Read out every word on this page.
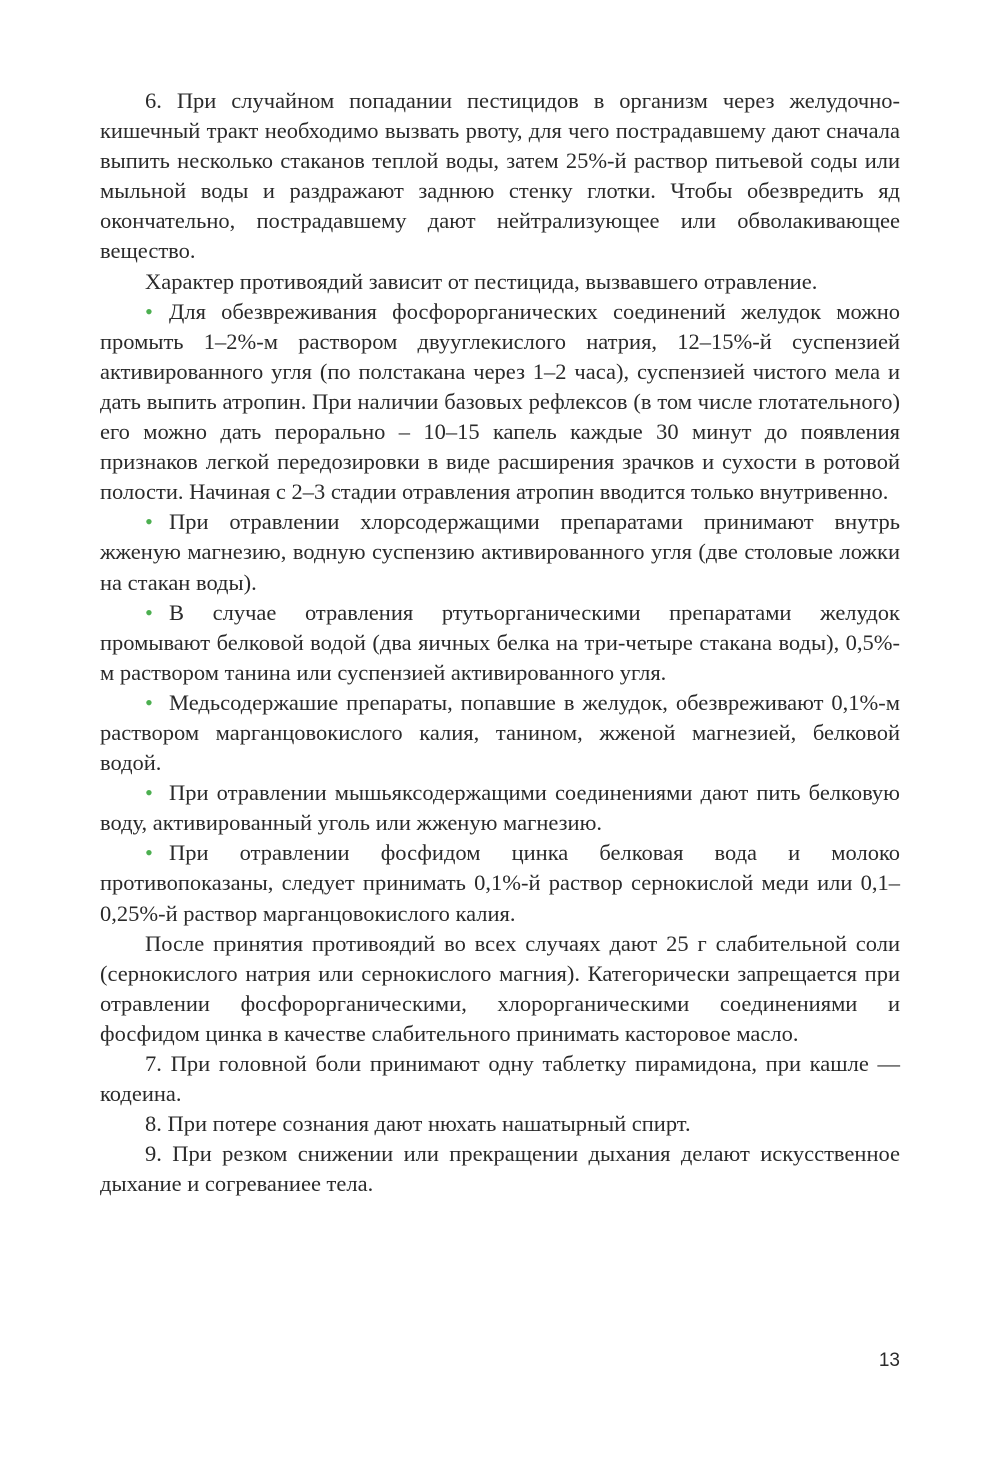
6. При случайном попадании пестицидов в организм через желудочно-кишечный тракт необходимо вызвать рвоту, для чего пострадавшему дают сначала выпить несколько стаканов теплой воды, затем 25%-й раствор питьевой соды или мыльной воды и раздражают заднюю стенку глотки. Чтобы обезвредить яд окончательно, пострадавшему дают нейтрализующее или обволакивающее вещество.

Характер противоядий зависит от пестицида, вызвавшего отравление.

• Для обезвреживания фосфорорганических соединений желудок можно промыть 1–2%-м раствором двууглекислого натрия, 12–15%-й суспензией активированного угля (по полстакана через 1–2 часа), суспензией чистого мела и дать выпить атропин. При наличии базовых рефлексов (в том числе глотательного) его можно дать перорально – 10–15 капель каждые 30 минут до появления признаков легкой передозировки в виде расширения зрачков и сухости в ротовой полости. Начиная с 2–3 стадии отравления атропин вводится только внутривенно.

• При отравлении хлорсодержащими препаратами принимают внутрь жженую магнезию, водную суспензию активированного угля (две столовые ложки на стакан воды).

• В случае отравления ртутьорганическими препаратами желудок промывают белковой водой (два яичных белка на три-четыре стакана воды), 0,5%-м раствором танина или суспензией активированного угля.

• Медьсодержашие препараты, попавшие в желудок, обезвреживают 0,1%-м раствором марганцовокислого калия, танином, жженой магнезией, белковой водой.

• При отравлении мышьяксодержащими соединениями дают пить белковую воду, активированный уголь или жженую магнезию.

• При отравлении фосфидом цинка белковая вода и молоко противопоказаны, следует принимать 0,1%-й раствор сернокислой меди или 0,1–0,25%-й раствор марганцовокислого калия.

После принятия противоядий во всех случаях дают 25 г слабительной соли (сернокислого натрия или сернокислого магния). Категорически запрещается при отравлении фосфорорганическими, хлорорганическими соединениями и фосфидом цинка в качестве слабительного принимать касторовое масло.

7. При головной боли принимают одну таблетку пирамидона, при кашле — кодеина.

8. При потере сознания дают нюхать нашатырный спирт.

9. При резком снижении или прекращении дыхания делают искусственное дыхание и согреваниее тела.

13
